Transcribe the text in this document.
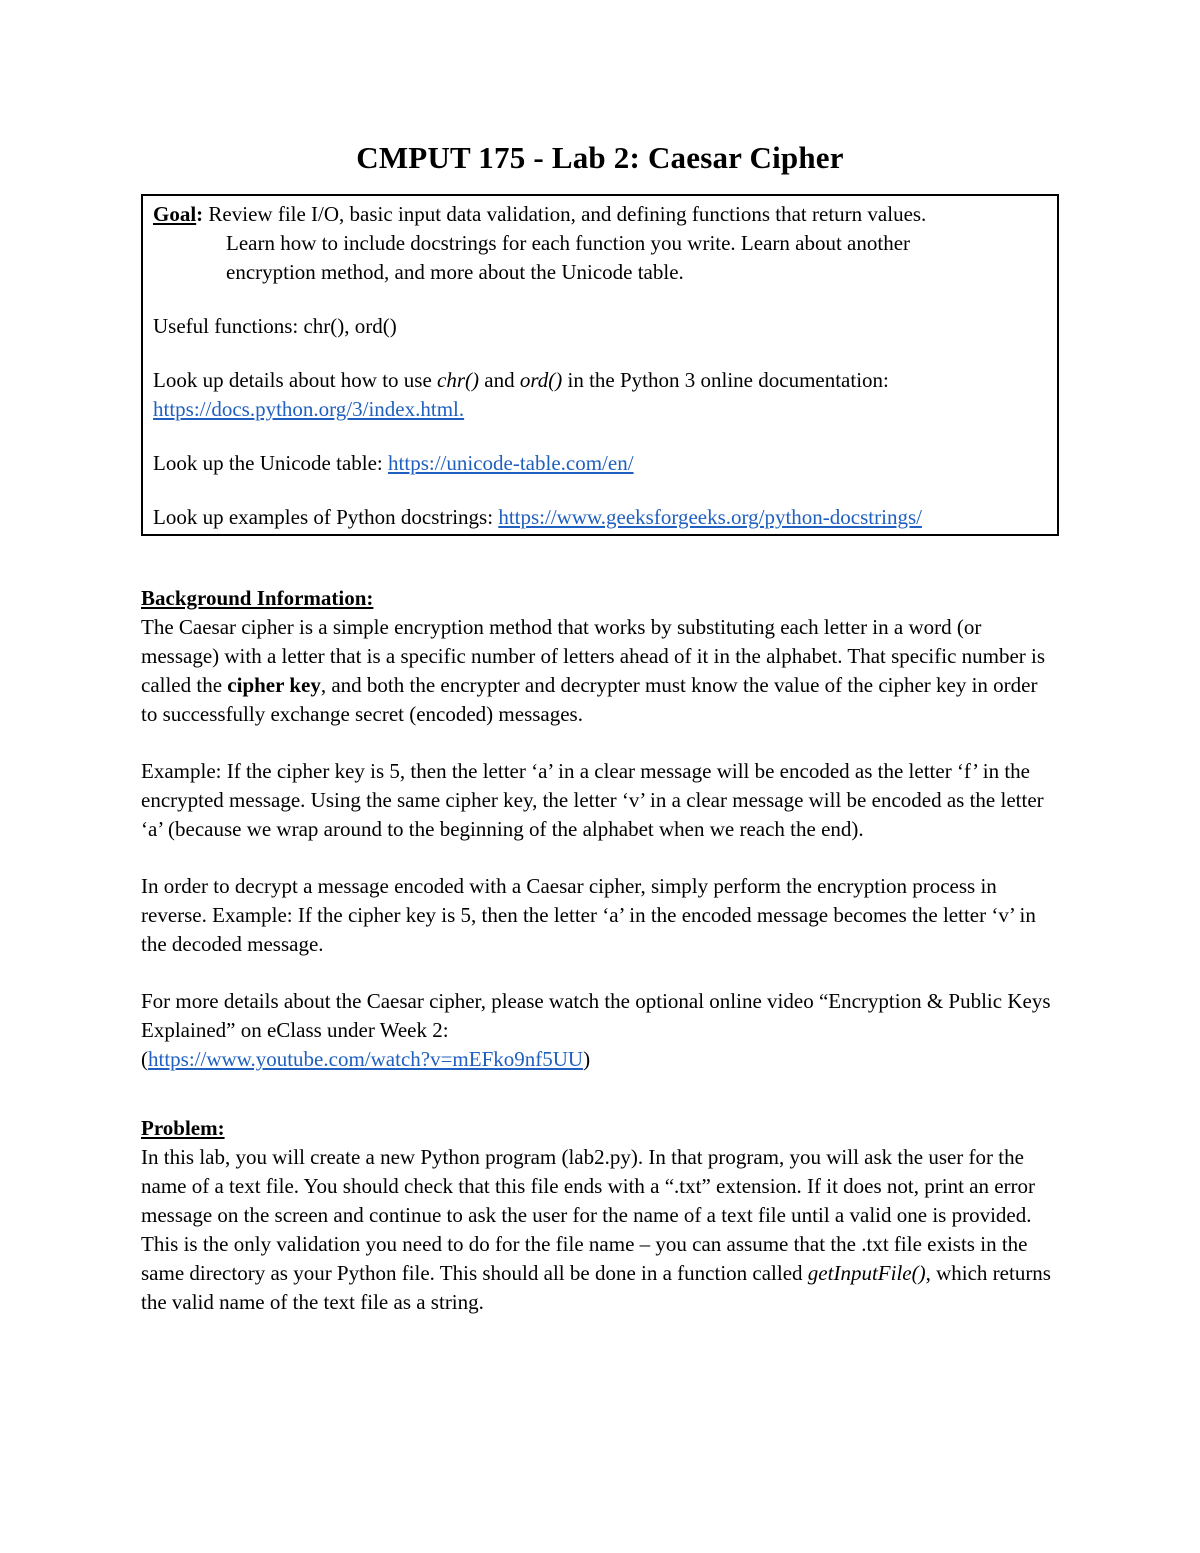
CMPUT 175 - Lab 2: Caesar Cipher
Goal : Review file I/O, basic input data validation, and defining functions that return values.

Learn how to include docstrings for each function you write. Learn about another

encryption method, and more about the Unicode table.

Useful functions: chr(), ord()

Look up details about how to use chr() and ord() in the Python 3 online documentation:

https://docs.python.org/3/index.html.

Look up the Unicode table: https://unicode-table.com/en/

Look up examples of Python docstrings: https://www.geeksforgeeks.org/python-docstrings/

Background Information:

The Caesar cipher is a simple encryption method that works by substituting each letter in a word (or message) with a letter that is a specific number of letters ahead of it in the alphabet. That specific number is called the cipher key, and both the encrypter and decrypter must know the value of the cipher key in order to successfully exchange secret (encoded) messages.

Example: If the cipher key is 5, then the letter ‘a’ in a clear message will be encoded as the letter ‘f’ in the encrypted message. Using the same cipher key, the letter ‘v’ in a clear message will be encoded as the letter ‘a’ (because we wrap around to the beginning of the alphabet when we reach the end).

In order to decrypt a message encoded with a Caesar cipher, simply perform the encryption process in reverse. Example: If the cipher key is 5, then the letter ‘a’ in the encoded message becomes the letter ‘v’ in the decoded message.

For more details about the Caesar cipher, please watch the optional online video “Encryption & Public Keys Explained” on eClass under Week 2:
(https://www.youtube.com/watch?v=mEFko9nf5UU)

Problem:

In this lab, you will create a new Python program (lab2.py). In that program, you will ask the user for the name of a text file. You should check that this file ends with a “.txt” extension. If it does not, print an error message on the screen and continue to ask the user for the name of a text file until a valid one is provided. This is the only validation you need to do for the file name – you can assume that the .txt file exists in the same directory as your Python file. This should all be done in a function called getInputFile(), which returns the valid name of the text file as a string.
